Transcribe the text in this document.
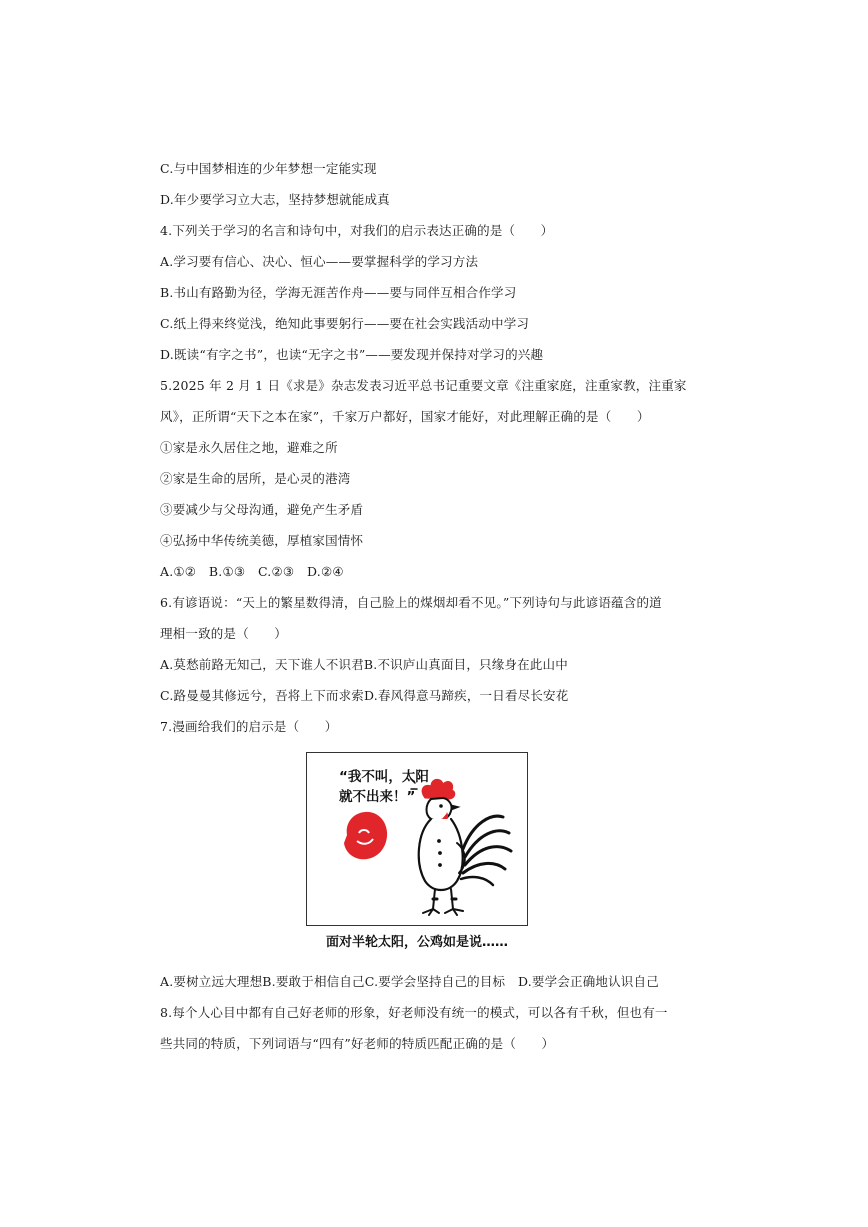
C.与中国梦相连的少年梦想一定能实现
D.年少要学习立大志，坚持梦想就能成真
4.下列关于学习的名言和诗句中，对我们的启示表达正确的是（　　）
A.学习要有信心、决心、恒心——要掌握科学的学习方法
B.书山有路勤为径，学海无涯苦作舟——要与同伴互相合作学习
C.纸上得来终觉浅，绝知此事要躬行——要在社会实践活动中学习
D.既读“有字之书”，也读“无字之书”——要发现并保持对学习的兴趣
5.2025 年 2 月 1 日《求是》杂志发表习近平总书记重要文章《注重家庭，注重家教，注重家
风》，正所谓“天下之本在家”，千家万户都好，国家才能好，对此理解正确的是（　　）
①家是永久居住之地，避难之所
②家是生命的居所，是心灵的港湾
③要减少与父母沟通，避免产生矛盾
④弘扬中华传统美德，厚植家国情怀
A.①②　B.①③　C.②③　D.②④
6.有谚语说：“天上的繁星数得清，自己脸上的煤烟却看不见。”下列诗句与此谚语蕴含的道
理相一致的是（　　）
A.莫愁前路无知己，天下谁人不识君B.不识庐山真面目，只缘身在此山中
C.路曼曼其修远兮，吾将上下而求索D.春风得意马蹄疾，一日看尽长安花
7.漫画给我们的启示是（　　）
“我不叫，太阳
就不出来！”
面对半轮太阳，公鸡如是说……
A.要树立远大理想B.要敢于相信自己C.要学会坚持自己的目标　D.要学会正确地认识自己
8.每个人心目中都有自己好老师的形象，好老师没有统一的模式，可以各有千秋，但也有一
些共同的特质，下列词语与“四有”好老师的特质匹配正确的是（　　）
